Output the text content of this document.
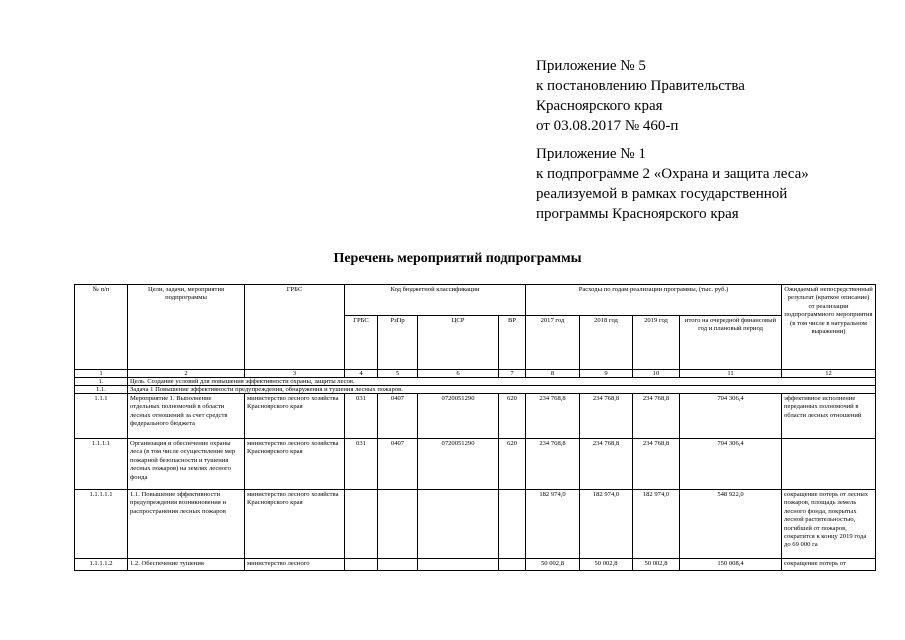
Приложение № 5
к постановлению Правительства
Красноярского края
от 03.08.2017 № 460-п
Приложение № 1
к подпрограмме 2 «Охрана и защита леса»
реализуемой в рамках государственной
программы Красноярского края
Перечень мероприятий подпрограммы
№ п/п	Цели, задачи, мероприятия подпрограммы	ГРБС	Код бюджетной классификации				Расходы по годам реализации программы, (тыс. руб.)				Ожидаемый непосредственный результат (краткое описание) от реализации подпрограммного мероприятия (в том числе в натуральном выражении)
			ГРБС	РзПр	ЦСР	ВР	2017 год	2018 год	2019 год	итого на очередной финансовый год и плановый период	
1	2	3	4	5	6	7	8	9	10	11	12
1.	Цель. Создание условий для повышения эффективности охраны, защиты лесов.										
1.1.	Задача 1 Повышение эффективности предупреждения, обнаружения и тушения лесных пожаров.										
1.1.1	Мероприятие 1. Выполнение отдельных полномочий в области лесных отношений за счет средств федерального бюджета	министерство лесного хозяйства Красноярского края	031	0407	0720051290	620	234 768,8	234 768,8	234 768,8	704 306,4	эффективное исполнение переданных полномочий в области лесных отношений
1.1.1.1	Организация и обеспечение охраны леса (в том числе осуществление мер пожарной безопасности и тушения лесных пожаров) на землях лесного фонда	министерство лесного хозяйства Красноярского края	031	0407	0720051290	620	234 768,8	234 768,8	234 768,8	704 306,4	
1.1.1.1.1	1.1. Повышение эффективности предупреждения возникновения и распространения лесных пожаров	министерство лесного хозяйства Красноярского края					182 974,0	182 974,0	182 974,0	548 922,0	сокращение потерь от лесных пожаров, площадь земель лесного фонда, покрытых лесной растительностью, погибшей от пожаров, сократится к концу 2019 года до 69 000 га
1.1.1.1.2	1.2. Обеспечение тушения	министерство лесного					50 002,8	50 002,8	50 002,8	150 008,4	сокращение потерь от
